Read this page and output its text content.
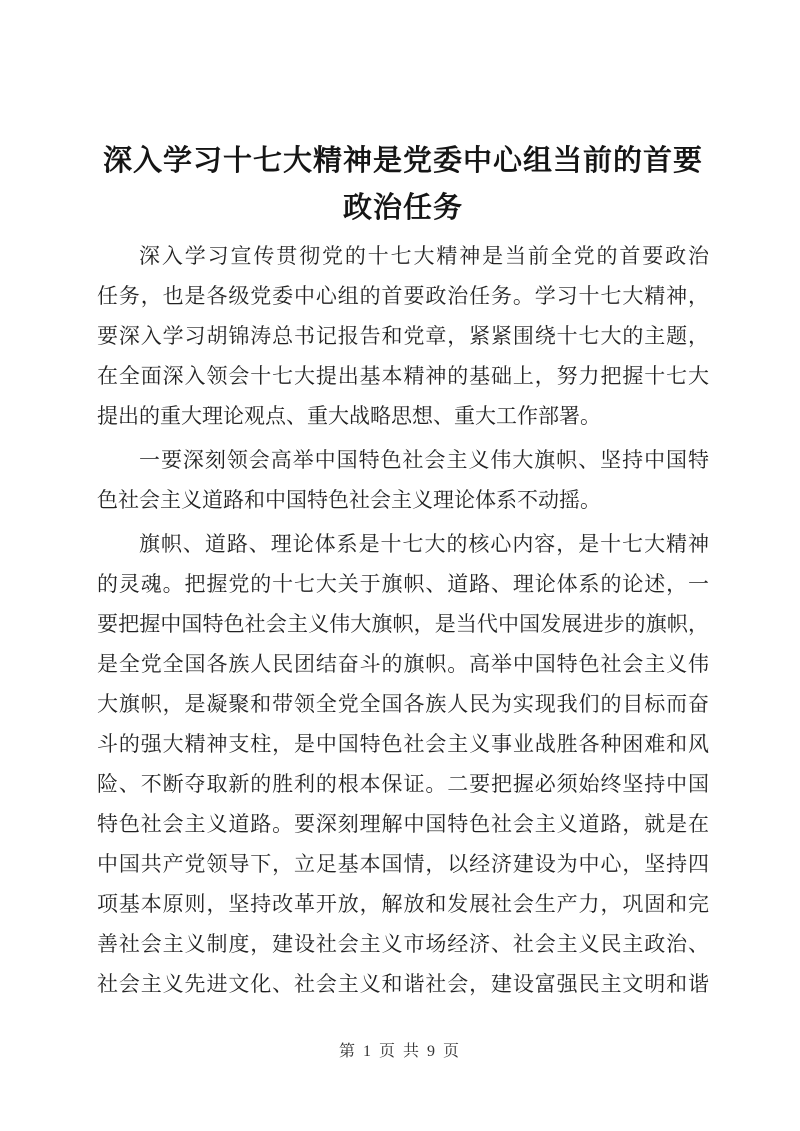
深入学习十七大精神是党委中心组当前的首要
政治任务
深入学习宣传贯彻党的十七大精神是当前全党的首要政治
任务，也是各级党委中心组的首要政治任务。学习十七大精神，
要深入学习胡锦涛总书记报告和党章，紧紧围绕十七大的主题，
在全面深入领会十七大提出基本精神的基础上，努力把握十七大
提出的重大理论观点、重大战略思想、重大工作部署。
一要深刻领会高举中国特色社会主义伟大旗帜、坚持中国特
色社会主义道路和中国特色社会主义理论体系不动摇。
旗帜、道路、理论体系是十七大的核心内容，是十七大精神
的灵魂。把握党的十七大关于旗帜、道路、理论体系的论述，一
要把握中国特色社会主义伟大旗帜，是当代中国发展进步的旗帜，
是全党全国各族人民团结奋斗的旗帜。高举中国特色社会主义伟
大旗帜，是凝聚和带领全党全国各族人民为实现我们的目标而奋
斗的强大精神支柱，是中国特色社会主义事业战胜各种困难和风
险、不断夺取新的胜利的根本保证。二要把握必须始终坚持中国
特色社会主义道路。要深刻理解中国特色社会主义道路，就是在
中国共产党领导下，立足基本国情，以经济建设为中心，坚持四
项基本原则，坚持改革开放，解放和发展社会生产力，巩固和完
善社会主义制度，建设社会主义市场经济、社会主义民主政治、
社会主义先进文化、社会主义和谐社会，建设富强民主文明和谐
第 1 页 共 9 页
